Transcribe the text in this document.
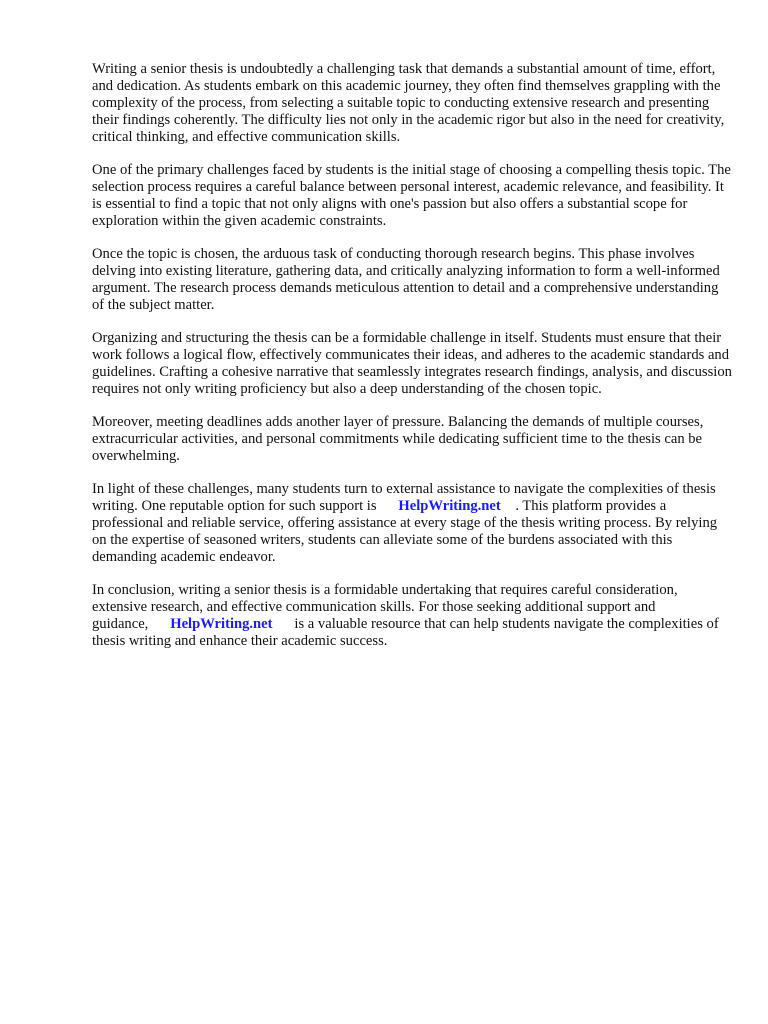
Writing a senior thesis is undoubtedly a challenging task that demands a substantial amount of time, effort, and dedication. As students embark on this academic journey, they often find themselves grappling with the complexity of the process, from selecting a suitable topic to conducting extensive research and presenting their findings coherently. The difficulty lies not only in the academic rigor but also in the need for creativity, critical thinking, and effective communication skills.

One of the primary challenges faced by students is the initial stage of choosing a compelling thesis topic. The selection process requires a careful balance between personal interest, academic relevance, and feasibility. It is essential to find a topic that not only aligns with one's passion but also offers a substantial scope for exploration within the given academic constraints.

Once the topic is chosen, the arduous task of conducting thorough research begins. This phase involves delving into existing literature, gathering data, and critically analyzing information to form a well-informed argument. The research process demands meticulous attention to detail and a comprehensive understanding of the subject matter.

Organizing and structuring the thesis can be a formidable challenge in itself. Students must ensure that their work follows a logical flow, effectively communicates their ideas, and adheres to the academic standards and guidelines. Crafting a cohesive narrative that seamlessly integrates research findings, analysis, and discussion requires not only writing proficiency but also a deep understanding of the chosen topic.

Moreover, meeting deadlines adds another layer of pressure. Balancing the demands of multiple courses, extracurricular activities, and personal commitments while dedicating sufficient time to the thesis can be overwhelming.

In light of these challenges, many students turn to external assistance to navigate the complexities of thesis writing. One reputable option for such support is HelpWriting.net . This platform provides a professional and reliable service, offering assistance at every stage of the thesis writing process. By relying on the expertise of seasoned writers, students can alleviate some of the burdens associated with this demanding academic endeavor.

In conclusion, writing a senior thesis is a formidable undertaking that requires careful consideration, extensive research, and effective communication skills. For those seeking additional support and guidance, HelpWriting.net is a valuable resource that can help students navigate the complexities of thesis writing and enhance their academic success.
